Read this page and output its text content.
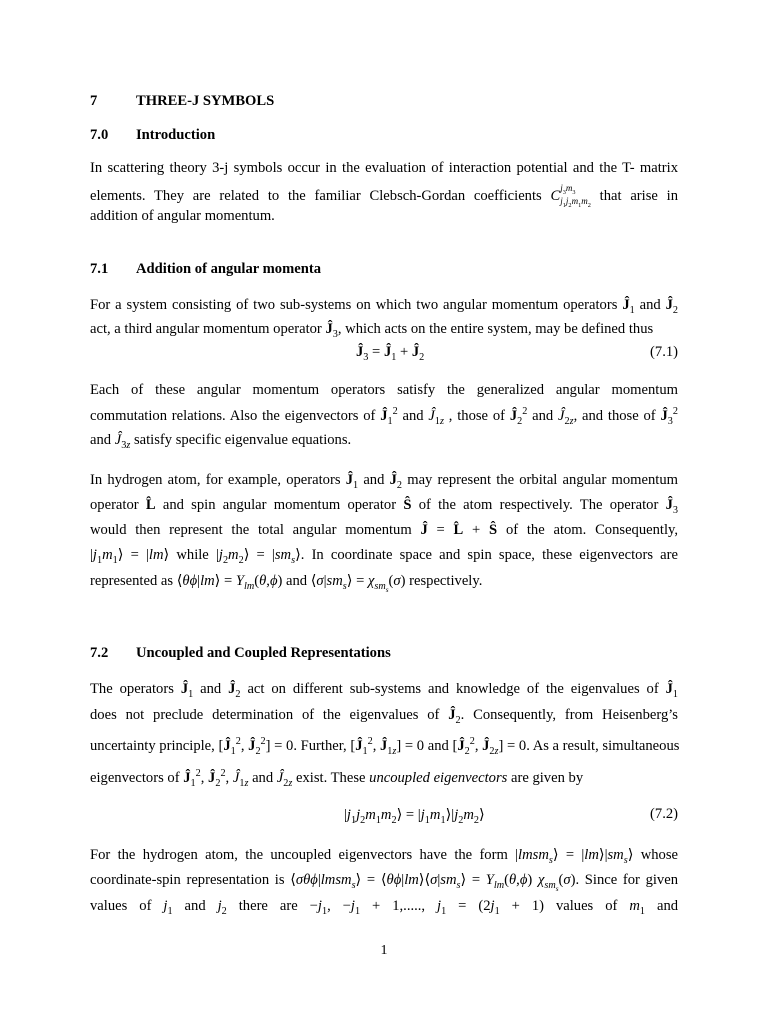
7	THREE-J SYMBOLS
7.0 Introduction
In scattering theory 3-j symbols occur in the evaluation of interaction potential and the T- matrix
elements. They are related to the familiar Clebsch-Gordan coefficients $Cj_3m_3$
$j_1j_2m_1m_2$ that arise in
addition of angular momentum.
7.1 Addition of angular momenta
For a system consisting of two sub-systems on which two angular momentum operators $Ĵ_1$ and $Ĵ_2$
act, a third angular momentum operator $Ĵ_3$, which acts on the entire system, may be defined thus
$Ĵ_3$ = $Ĵ_1$ + $Ĵ_2$	(7.1)
Each of these angular momentum operators satisfy the generalized angular momentum
commutation relations. Also the eigenvectors of $Ĵ_1^2$ and $Ĵ_{1z}$ , those of $Ĵ_2^2$ and $Ĵ_{2z}$, and those of $Ĵ_3^2$
and $Ĵ_{3z}$ satisfy specific eigenvalue equations.
In hydrogen atom, for example, operators $Ĵ_1$ and $Ĵ_2$ may represent the orbital angular momentum
operator L̂ and spin angular momentum operator Ŝ of the atom respectively. The operator $Ĵ_3$
would then represent the total angular momentum Ĵ = L̂ + Ŝ of the atom. Consequently,
$|j_1m_1⟩$ = |lm⟩ while $|j_2m_2⟩$ = $|sm_s⟩$. In coordinate space and spin space, these eigenvectors are
represented as ⟨θϕ|lm⟩ = $Y_{lm}(\theta,\phi)$ and $⟨\sigma|sm_s⟩ = \chi_{sm_s}(\sigma)$ respectively.
7.2 Uncoupled and Coupled Representations
The operators $Ĵ_1$ and $Ĵ_2$ act on different sub-systems and knowledge of the eigenvalues of $Ĵ_1$
does not preclude determination of the eigenvalues of $Ĵ_2$. Consequently, from Heisenberg’s
uncertainty principle, [$Ĵ_1^2$, $Ĵ_2^2] = 0$. Further, [$Ĵ_1^2$, $Ĵ_{1z}] = 0$ and [$Ĵ_2^2$, $Ĵ_{2z}] = 0$. As a result, simultaneous
eigenvectors of $Ĵ_1^2$, $Ĵ_2^2$, $Ĵ_{1z}$ and $Ĵ_{2z}$ exist. These uncoupled eigenvectors are given by
$|j_1j_2m_1m_2⟩$ = $|j_1m_1⟩|j_2m_2⟩$	(7.2)
For the hydrogen atom, the uncoupled eigenvectors have the form |lmsm$_s$⟩ = $|lm⟩|sm_s⟩$ whose
coordinate-spin representation is ⟨σθϕ|lmsm$_s$⟩ = $⟨\theta\phi|lm⟩⟨\sigma|sm_s⟩ = Y_{lm}(\theta,\phi)$ $\chi_{sm_s}(\sigma)$. Since for given
values of $j_1$ and $j_2$ there are $-j_1$, $-j_1 + 1$,....., $j_1 = (2j_1 + 1)$ values of $m_1$ and
1
